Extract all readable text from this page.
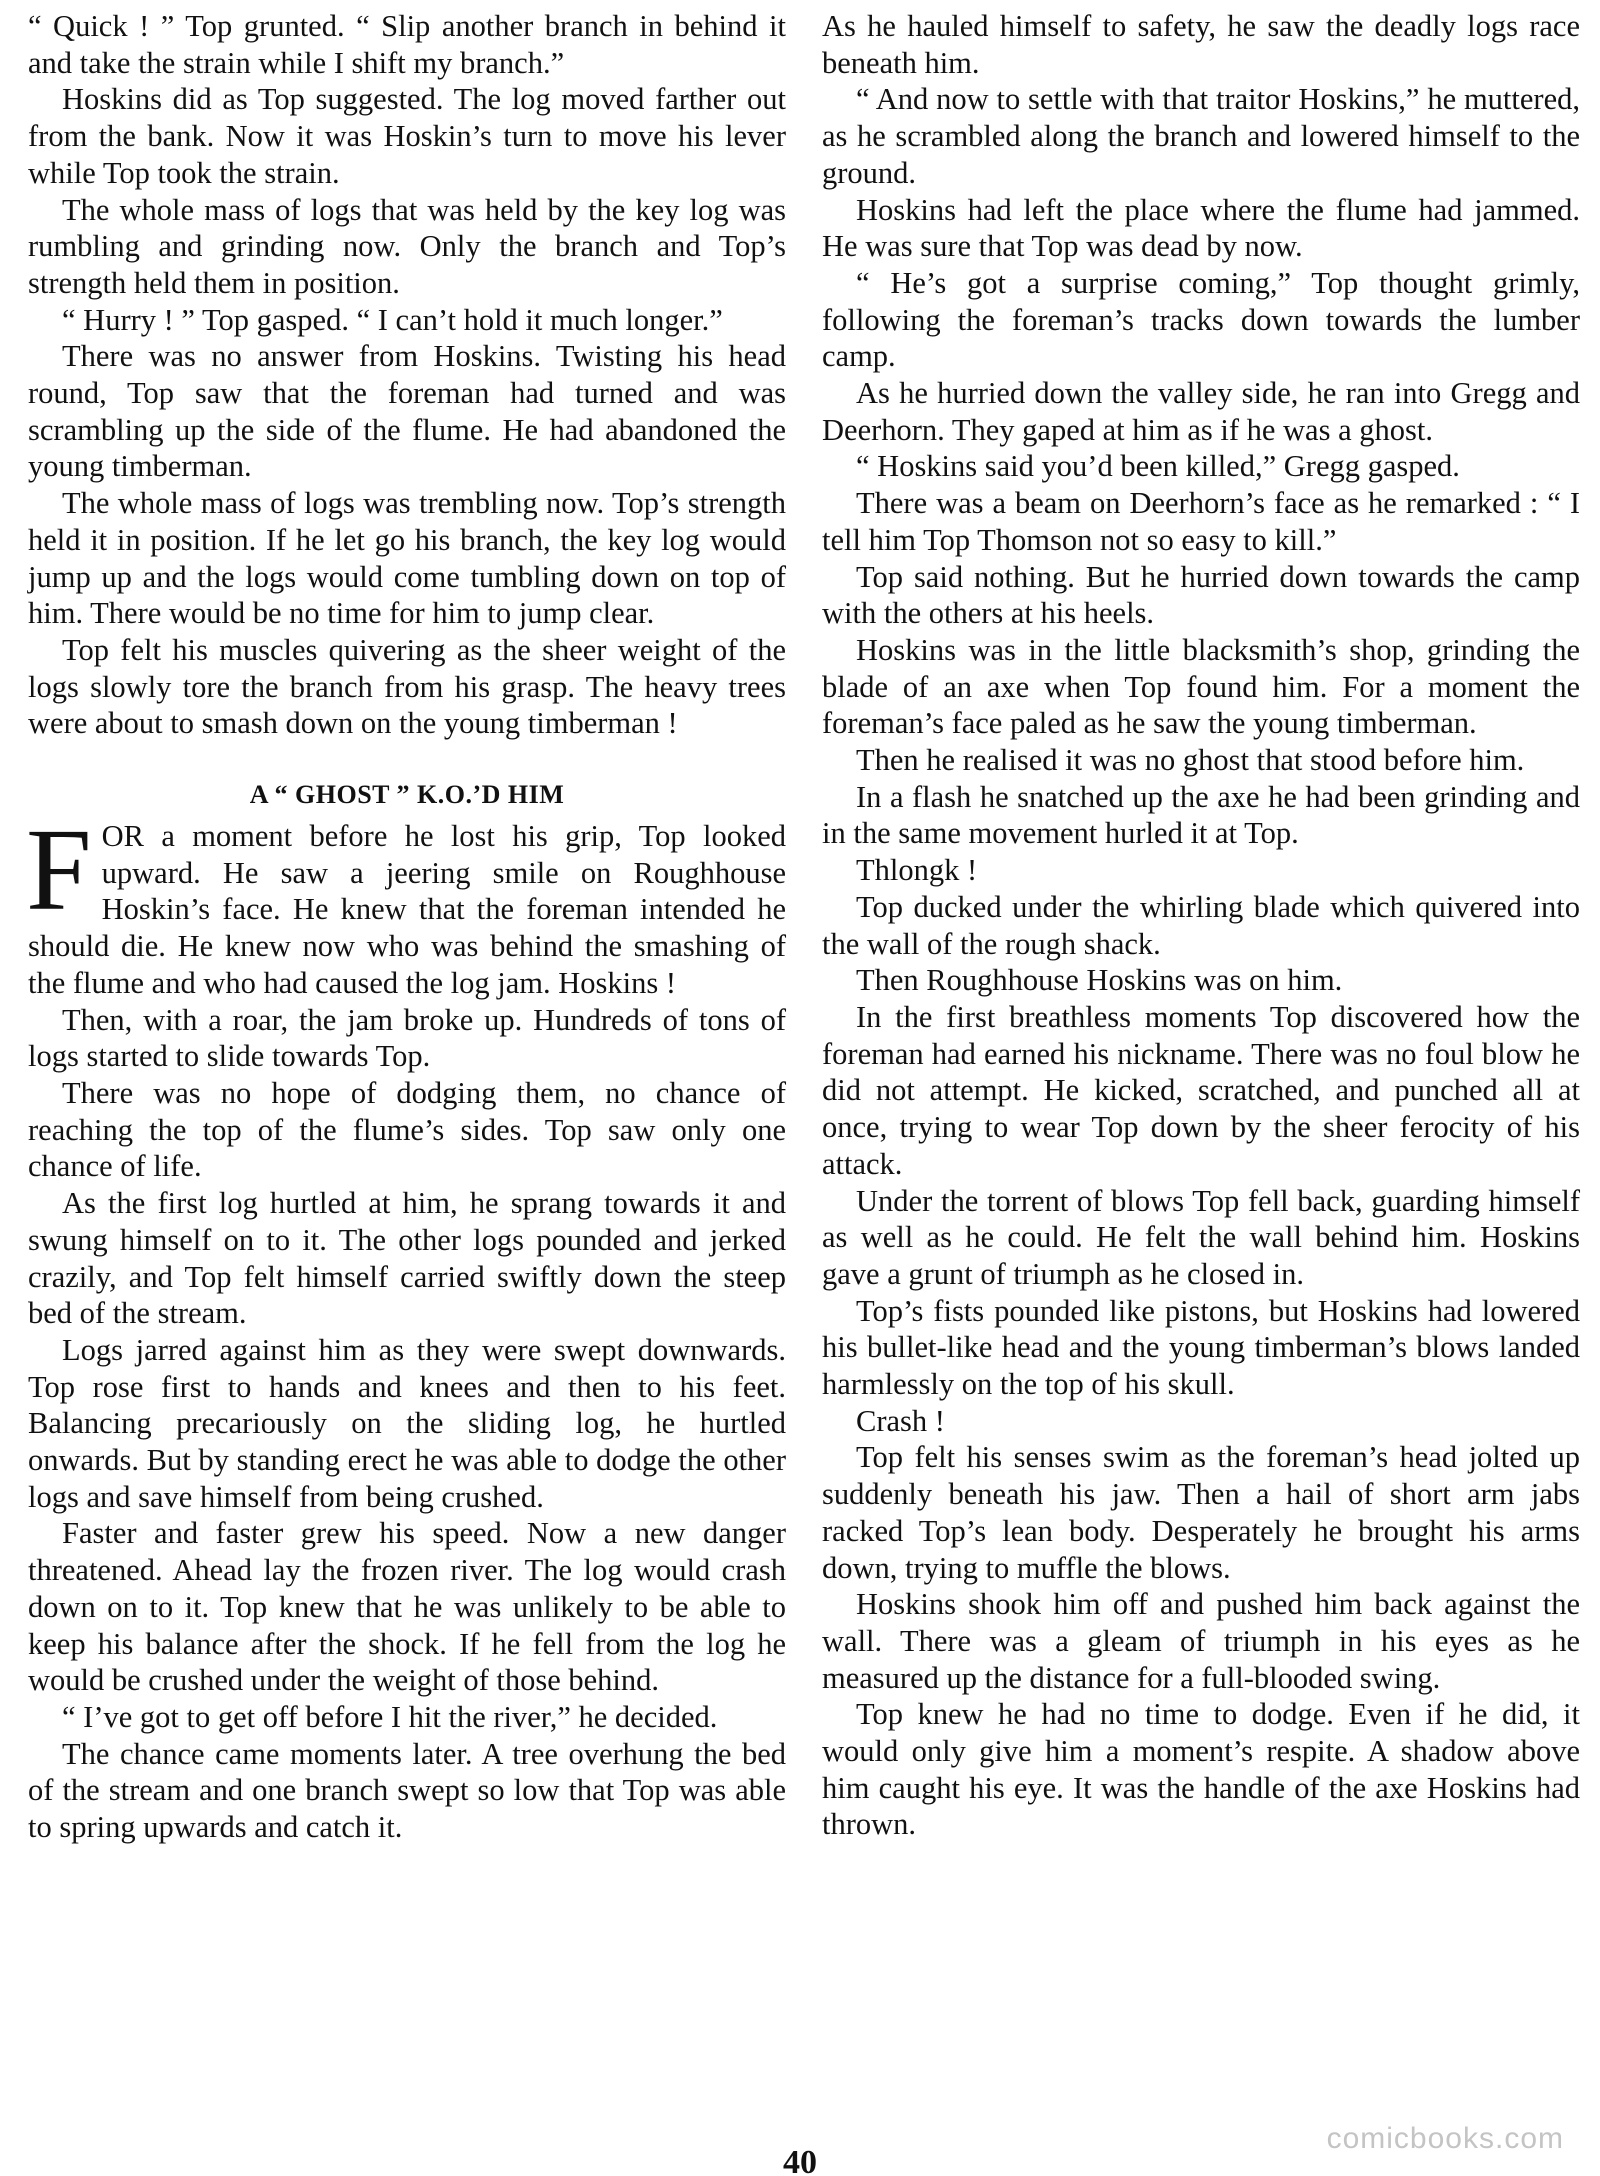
“ Quick ! ” Top grunted. “ Slip another branch in behind it and take the strain while I shift my branch.”

Hoskins did as Top suggested. The log moved farther out from the bank. Now it was Hoskin’s turn to move his lever while Top took the strain.

The whole mass of logs that was held by the key log was rumbling and grinding now. Only the branch and Top’s strength held them in position.

“ Hurry ! ” Top gasped. “ I can’t hold it much longer.”

There was no answer from Hoskins. Twisting his head round, Top saw that the foreman had turned and was scrambling up the side of the flume. He had abandoned the young timberman.

The whole mass of logs was trembling now. Top’s strength held it in position. If he let go his branch, the key log would jump up and the logs would come tumbling down on top of him. There would be no time for him to jump clear.

Top felt his muscles quivering as the sheer weight of the logs slowly tore the branch from his grasp. The heavy trees were about to smash down on the young timberman !

A “ GHOST ” K.O.’D HIM

FOR a moment before he lost his grip, Top looked upward. He saw a jeering smile on Roughhouse Hoskin’s face. He knew that the foreman intended he should die. He knew now who was behind the smashing of the flume and who had caused the log jam. Hoskins !

Then, with a roar, the jam broke up. Hundreds of tons of logs started to slide towards Top.

There was no hope of dodging them, no chance of reaching the top of the flume’s sides. Top saw only one chance of life.

As the first log hurtled at him, he sprang towards it and swung himself on to it. The other logs pounded and jerked crazily, and Top felt himself carried swiftly down the steep bed of the stream.

Logs jarred against him as they were swept downwards. Top rose first to hands and knees and then to his feet. Balancing precariously on the sliding log, he hurtled onwards. But by standing erect he was able to dodge the other logs and save himself from being crushed.

Faster and faster grew his speed. Now a new danger threatened. Ahead lay the frozen river. The log would crash down on to it. Top knew that he was unlikely to be able to keep his balance after the shock. If he fell from the log he would be crushed under the weight of those behind.

“ I’ve got to get off before I hit the river,” he decided.

The chance came moments later. A tree overhung the bed of the stream and one branch swept so low that Top was able to spring upwards and catch it.

As he hauled himself to safety, he saw the deadly logs race beneath him.

“ And now to settle with that traitor Hoskins,” he muttered, as he scrambled along the branch and lowered himself to the ground.

Hoskins had left the place where the flume had jammed. He was sure that Top was dead by now.

“ He’s got a surprise coming,” Top thought grimly, following the foreman’s tracks down towards the lumber camp.

As he hurried down the valley side, he ran into Gregg and Deerhorn. They gaped at him as if he was a ghost.

“ Hoskins said you’d been killed,” Gregg gasped.

There was a beam on Deerhorn’s face as he remarked : “ I tell him Top Thomson not so easy to kill.”

Top said nothing. But he hurried down towards the camp with the others at his heels.

Hoskins was in the little blacksmith’s shop, grinding the blade of an axe when Top found him. For a moment the foreman’s face paled as he saw the young timberman.

Then he realised it was no ghost that stood before him.

In a flash he snatched up the axe he had been grinding and in the same movement hurled it at Top.

Thlongk !

Top ducked under the whirling blade which quivered into the wall of the rough shack.

Then Roughhouse Hoskins was on him.

In the first breathless moments Top discovered how the foreman had earned his nickname. There was no foul blow he did not attempt. He kicked, scratched, and punched all at once, trying to wear Top down by the sheer ferocity of his attack.

Under the torrent of blows Top fell back, guarding himself as well as he could. He felt the wall behind him. Hoskins gave a grunt of triumph as he closed in.

Top’s fists pounded like pistons, but Hoskins had lowered his bullet-like head and the young timberman’s blows landed harmlessly on the top of his skull.

Crash !

Top felt his senses swim as the foreman’s head jolted up suddenly beneath his jaw. Then a hail of short arm jabs racked Top’s lean body. Desperately he brought his arms down, trying to muffle the blows.

Hoskins shook him off and pushed him back against the wall. There was a gleam of triumph in his eyes as he measured up the distance for a full-blooded swing.

Top knew he had no time to dodge. Even if he did, it would only give him a moment’s respite. A shadow above him caught his eye. It was the handle of the axe Hoskins had thrown.

comicbooks.com
40
